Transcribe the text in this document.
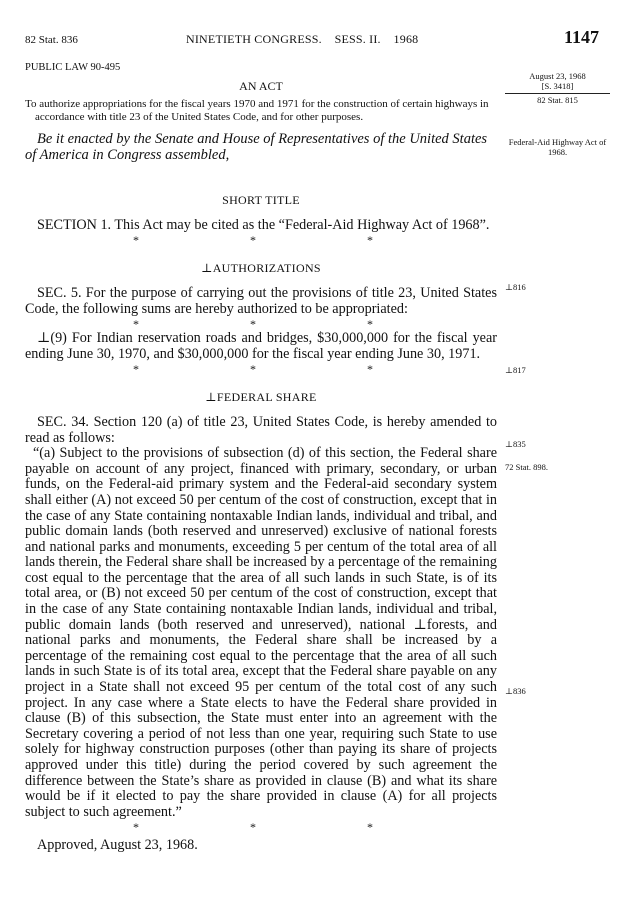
82 Stat. 836	NINETIETH CONGRESS.    SESS. II.    1968	1147

PUBLIC LAW 90-495

AN ACT

To authorize appropriations for the fiscal years 1970 and 1971 for the construction of certain highways in accordance with title 23 of the United States Code, and for other purposes.

Be it enacted by the Senate and House of Representatives of the United States of America in Congress assembled,

SHORT TITLE

SECTION 1. This Act may be cited as the “Federal-Aid Highway Act of 1968”.

*	*	*

⊥AUTHORIZATIONS

SEC. 5. For the purpose of carrying out the provisions of title 23, United States Code, the following sums are hereby authorized to be appropriated:

*	*	*

⊥(9) For Indian reservation roads and bridges, $30,000,000 for the fiscal year ending June 30, 1970, and $30,000,000 for the fiscal year ending June 30, 1971.

*	*	*

⊥FEDERAL SHARE

SEC. 34. Section 120 (a) of title 23, United States Code, is hereby amended to read as follows:

“(a) Subject to the provisions of subsection (d) of this section, the Federal share payable on account of any project, financed with primary, secondary, or urban funds, on the Federal-aid primary system and the Federal-aid secondary system shall either (A) not exceed 50 per centum of the cost of construction, except that in the case of any State containing nontaxable Indian lands, individual and tribal, and public domain lands (both reserved and unreserved) exclusive of national forests and national parks and monuments, exceeding 5 per centum of the total area of all lands therein, the Federal share shall be increased by a percentage of the remaining cost equal to the percentage that the area of all such lands in such State, is of its total area, or (B) not exceed 50 per centum of the cost of construction, except that in the case of any State containing nontaxable Indian lands, individual and tribal, public domain lands (both reserved and unreserved), national ⊥forests, and national parks and monuments, the Federal share shall be increased by a percentage of the remaining cost equal to the percentage that the area of all such lands in such State is of its total area, except that the Federal share payable on any project in a State shall not exceed 95 per centum of the total cost of any such project. In any case where a State elects to have the Federal share provided in clause (B) of this subsection, the State must enter into an agreement with the Secretary covering a period of not less than one year, requiring such State to use solely for highway construction purposes (other than paying its share of projects approved under this title) during the period covered by such agreement the difference between the State’s share as provided in clause (B) and what its share would be if it elected to pay the share provided in clause (A) for all projects subject to such agreement.”

*	*	*

Approved, August 23, 1968.

August 23, 1968
[S. 3418]
82 Stat. 815
Federal-Aid Highway Act of 1968.
⊥816
⊥817
⊥835
72 Stat. 898.
⊥836
